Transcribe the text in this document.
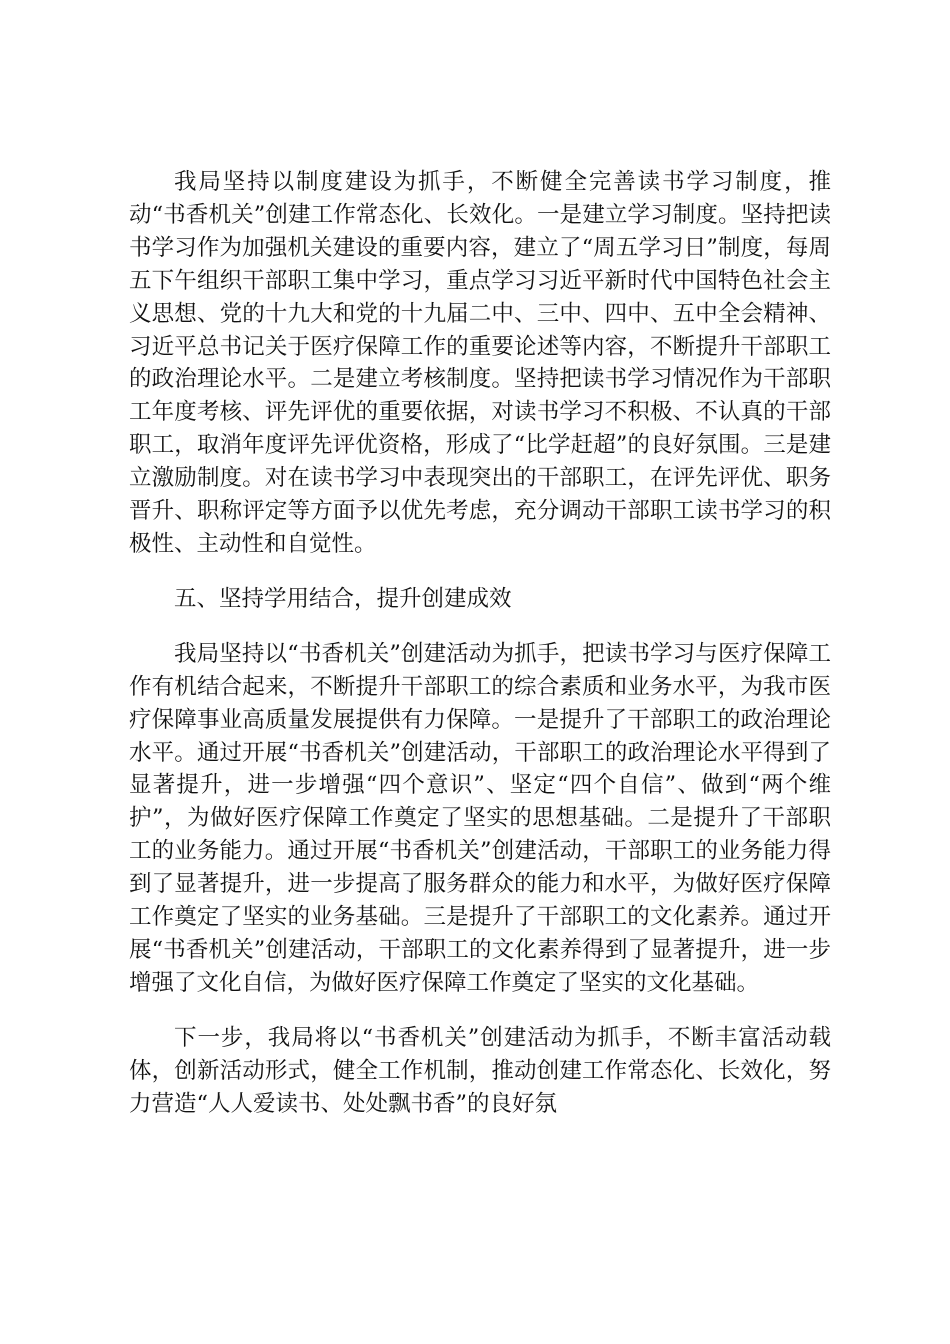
我局坚持以制度建设为抓手，不断健全完善读书学习制度，推动“书香机关”创建工作常态化、长效化。一是建立学习制度。坚持把读书学习作为加强机关建设的重要内容，建立了“周五学习日”制度，每周五下午组织干部职工集中学习，重点学习习近平新时代中国特色社会主义思想、党的十九大和党的十九届二中、三中、四中、五中全会精神、习近平总书记关于医疗保障工作的重要论述等内容，不断提升干部职工的政治理论水平。二是建立考核制度。坚持把读书学习情况作为干部职工年度考核、评先评优的重要依据，对读书学习不积极、不认真的干部职工，取消年度评先评优资格，形成了“比学赶超”的良好氛围。三是建立激励制度。对在读书学习中表现突出的干部职工，在评先评优、职务晋升、职称评定等方面予以优先考虑，充分调动干部职工读书学习的积极性、主动性和自觉性。

五、坚持学用结合，提升创建成效

我局坚持以“书香机关”创建活动为抓手，把读书学习与医疗保障工作有机结合起来，不断提升干部职工的综合素质和业务水平，为我市医疗保障事业高质量发展提供有力保障。一是提升了干部职工的政治理论水平。通过开展“书香机关”创建活动，干部职工的政治理论水平得到了显著提升，进一步增强“四个意识”、坚定“四个自信”、做到“两个维护”，为做好医疗保障工作奠定了坚实的思想基础。二是提升了干部职工的业务能力。通过开展“书香机关”创建活动，干部职工的业务能力得到了显著提升，进一步提高了服务群众的能力和水平，为做好医疗保障工作奠定了坚实的业务基础。三是提升了干部职工的文化素养。通过开展“书香机关”创建活动，干部职工的文化素养得到了显著提升，进一步增强了文化自信，为做好医疗保障工作奠定了坚实的文化基础。

下一步，我局将以“书香机关”创建活动为抓手，不断丰富活动载体，创新活动形式，健全工作机制，推动创建工作常态化、长效化，努力营造“人人爱读书、处处飘书香”的良好氛
